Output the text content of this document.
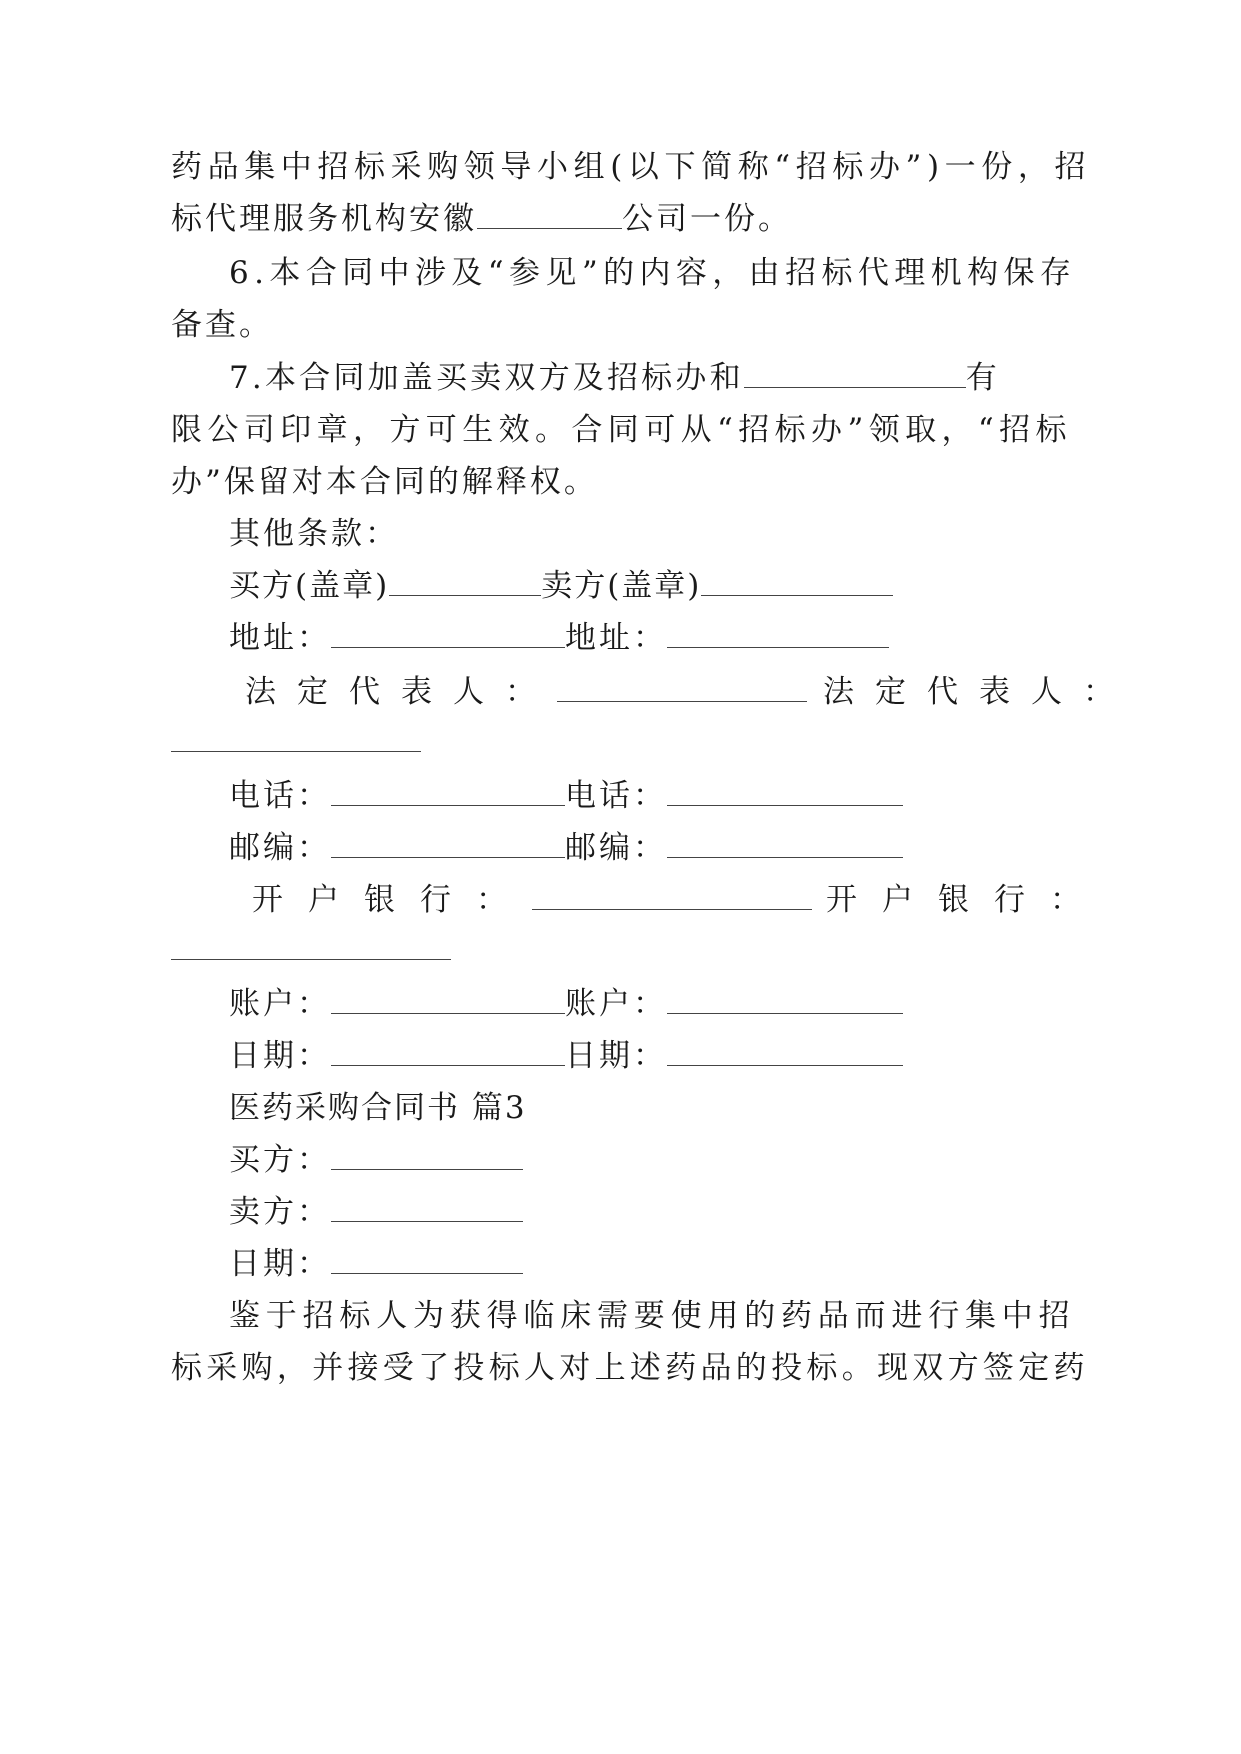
药品集中招标采购领导小组(以下简称“招标办”)一份，招
标代理服务机构安徽	公司一份。
6.本合同中涉及“参见”的内容，由招标代理机构保存
备查。
7.本合同加盖买卖双方及招标办和	有
限公司印章，方可生效。合同可从“招标办”领取，“招标
办”保留对本合同的解释权。
其他条款：
买方(盖章)	卖方(盖章)
地址：	地址：
法定代表人：	法定代表人：
电话：	电话：
邮编：	邮编：
开户银行：	开户银行：
账户：	账户：
日期：	日期：
医药采购合同书 篇3
买方：
卖方：
日期：
鉴于招标人为获得临床需要使用的药品而进行集中招
标采购，并接受了投标人对上述药品的投标。现双方签定药
